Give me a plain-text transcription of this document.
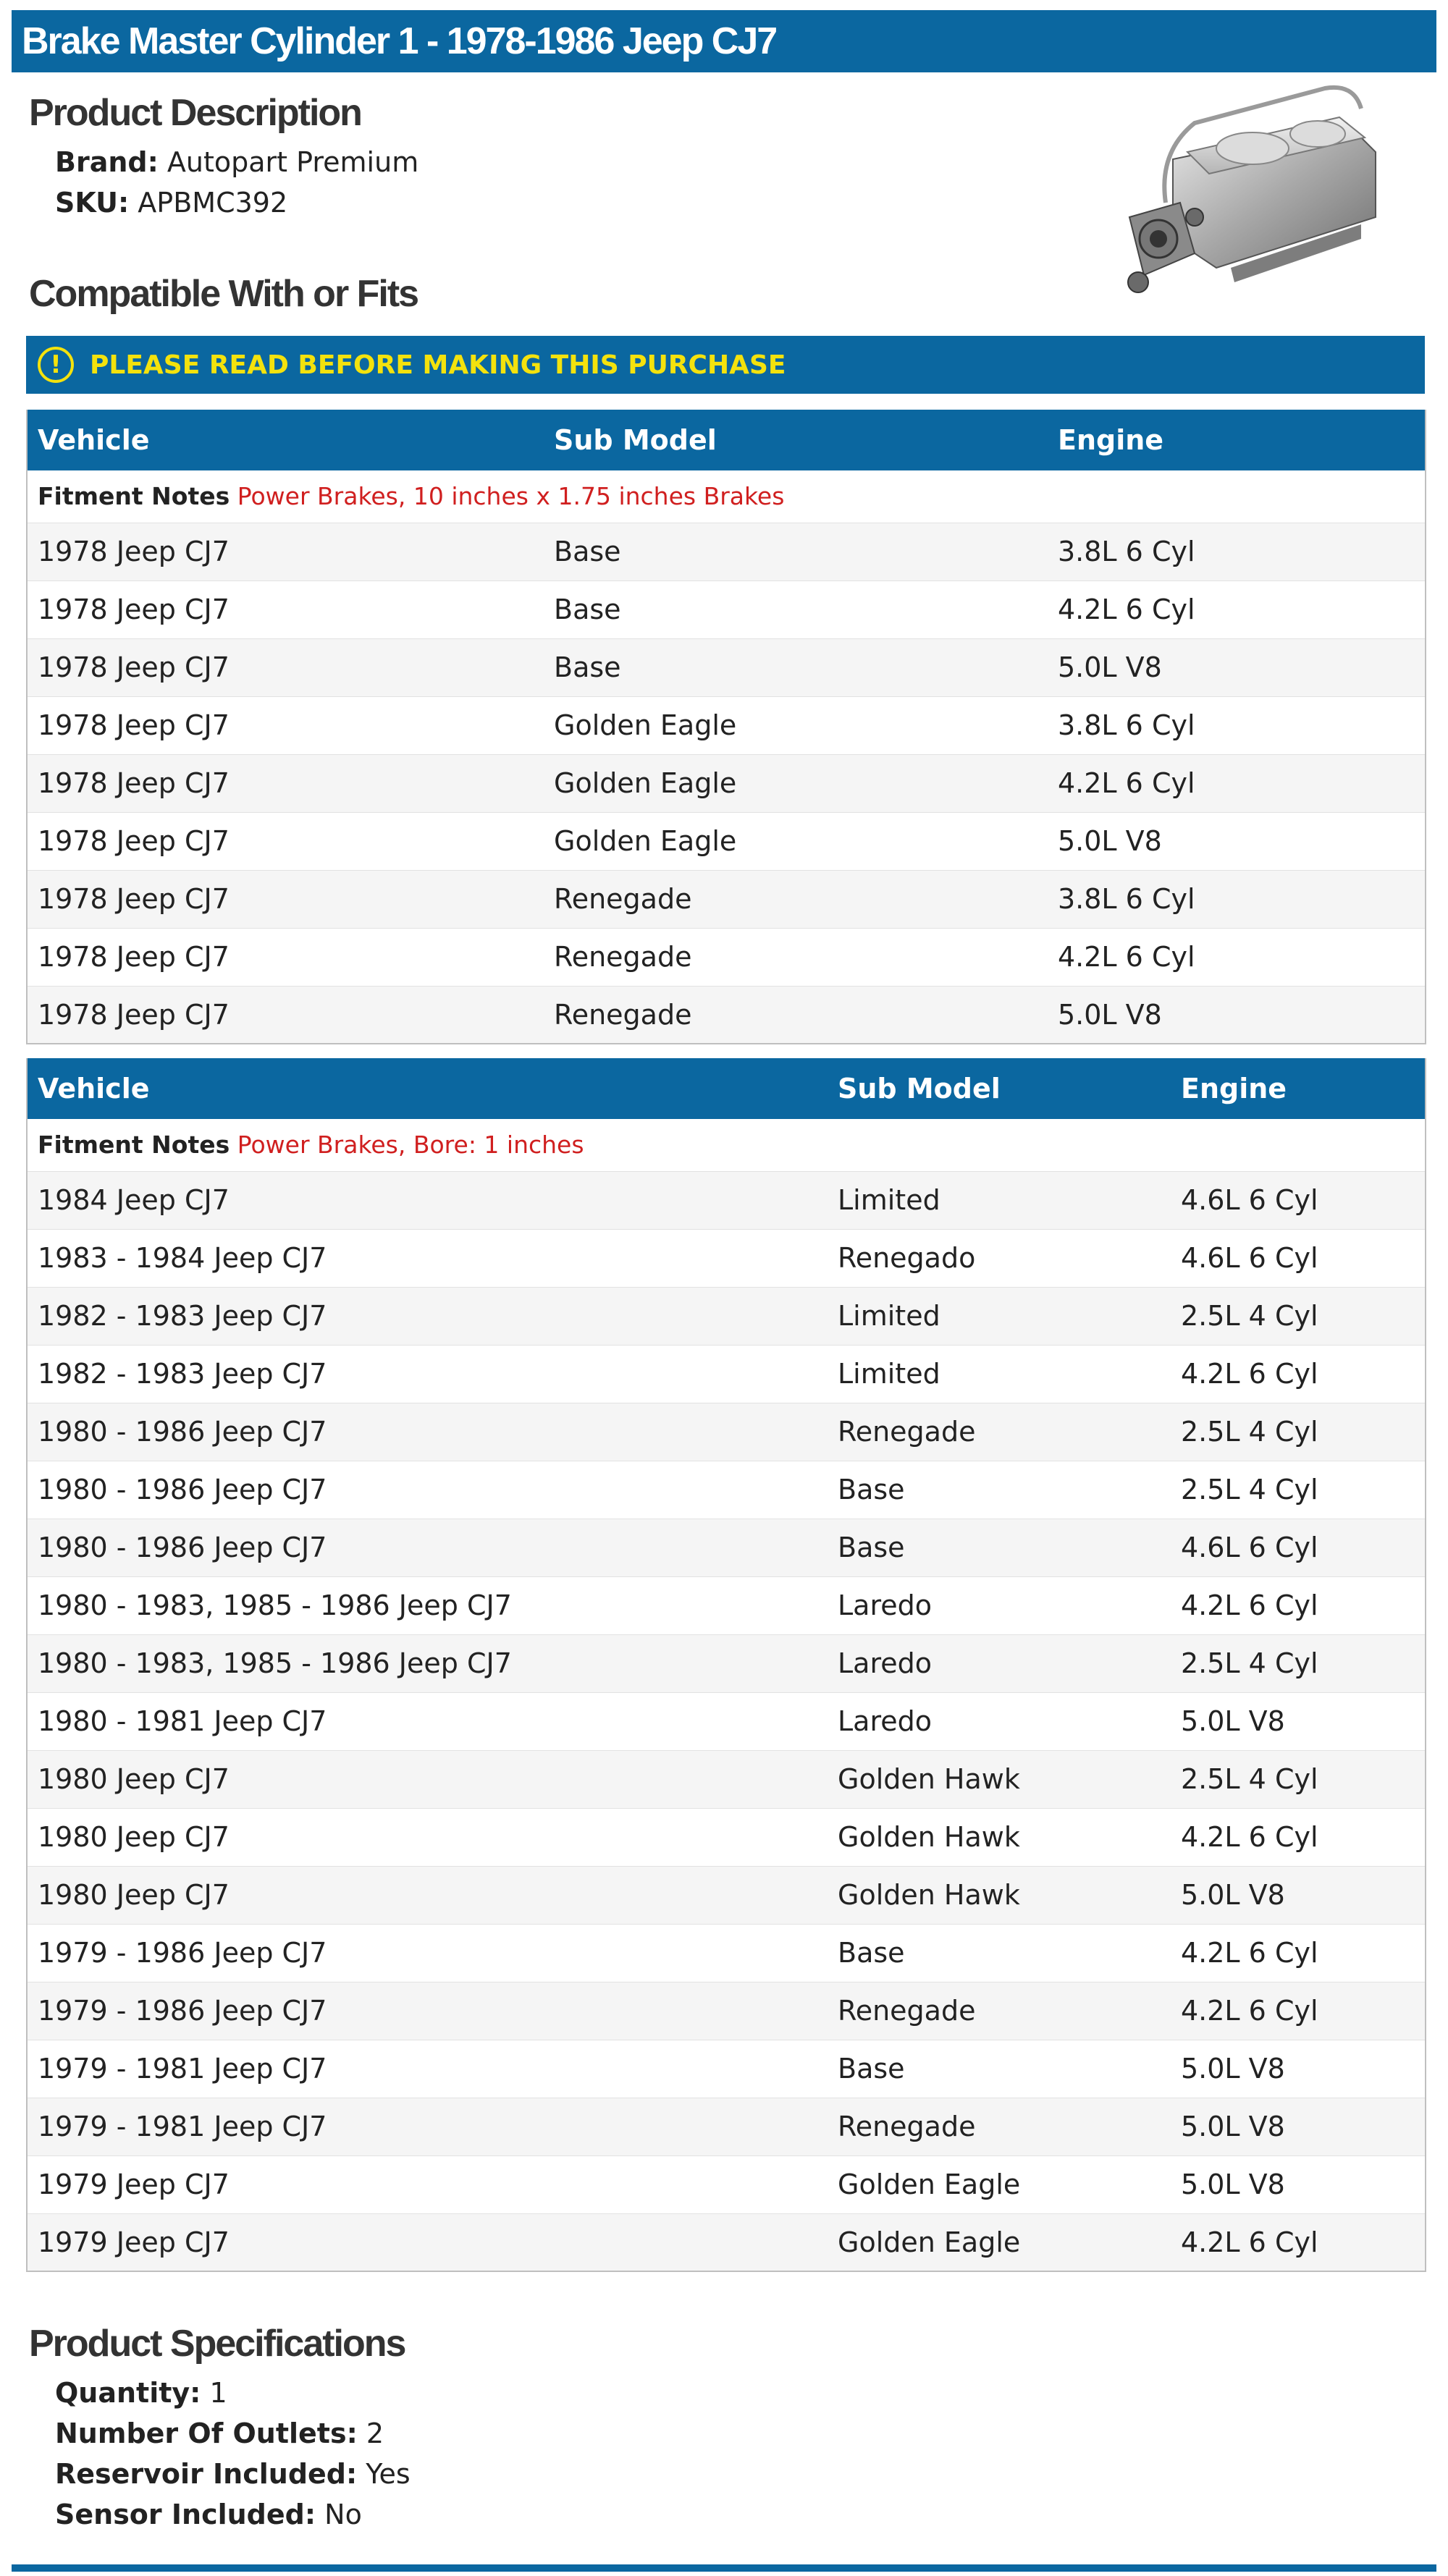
Brake Master Cylinder 1 - 1978-1986 Jeep CJ7
Product Description
Brand: Autopart Premium
SKU: APBMC392
Compatible With or Fits
!	PLEASE READ BEFORE MAKING THIS PURCHASE
Vehicle	Sub Model	Engine
Fitment Notes Power Brakes, 10 inches x 1.75 inches Brakes		
1978 Jeep CJ7	Base	3.8L 6 Cyl
1978 Jeep CJ7	Base	4.2L 6 Cyl
1978 Jeep CJ7	Base	5.0L V8
1978 Jeep CJ7	Golden Eagle	3.8L 6 Cyl
1978 Jeep CJ7	Golden Eagle	4.2L 6 Cyl
1978 Jeep CJ7	Golden Eagle	5.0L V8
1978 Jeep CJ7	Renegade	3.8L 6 Cyl
1978 Jeep CJ7	Renegade	4.2L 6 Cyl
1978 Jeep CJ7	Renegade	5.0L V8
Vehicle	Sub Model	Engine
Fitment Notes Power Brakes, Bore: 1 inches		
1984 Jeep CJ7	Limited	4.6L 6 Cyl
1983 - 1984 Jeep CJ7	Renegado	4.6L 6 Cyl
1982 - 1983 Jeep CJ7	Limited	2.5L 4 Cyl
1982 - 1983 Jeep CJ7	Limited	4.2L 6 Cyl
1980 - 1986 Jeep CJ7	Renegade	2.5L 4 Cyl
1980 - 1986 Jeep CJ7	Base	2.5L 4 Cyl
1980 - 1986 Jeep CJ7	Base	4.6L 6 Cyl
1980 - 1983, 1985 - 1986 Jeep CJ7	Laredo	4.2L 6 Cyl
1980 - 1983, 1985 - 1986 Jeep CJ7	Laredo	2.5L 4 Cyl
1980 - 1981 Jeep CJ7	Laredo	5.0L V8
1980 Jeep CJ7	Golden Hawk	2.5L 4 Cyl
1980 Jeep CJ7	Golden Hawk	4.2L 6 Cyl
1980 Jeep CJ7	Golden Hawk	5.0L V8
1979 - 1986 Jeep CJ7	Base	4.2L 6 Cyl
1979 - 1986 Jeep CJ7	Renegade	4.2L 6 Cyl
1979 - 1981 Jeep CJ7	Base	5.0L V8
1979 - 1981 Jeep CJ7	Renegade	5.0L V8
1979 Jeep CJ7	Golden Eagle	5.0L V8
1979 Jeep CJ7	Golden Eagle	4.2L 6 Cyl
Product Specifications
Quantity: 1
Number Of Outlets: 2
Reservoir Included: Yes
Sensor Included: No
